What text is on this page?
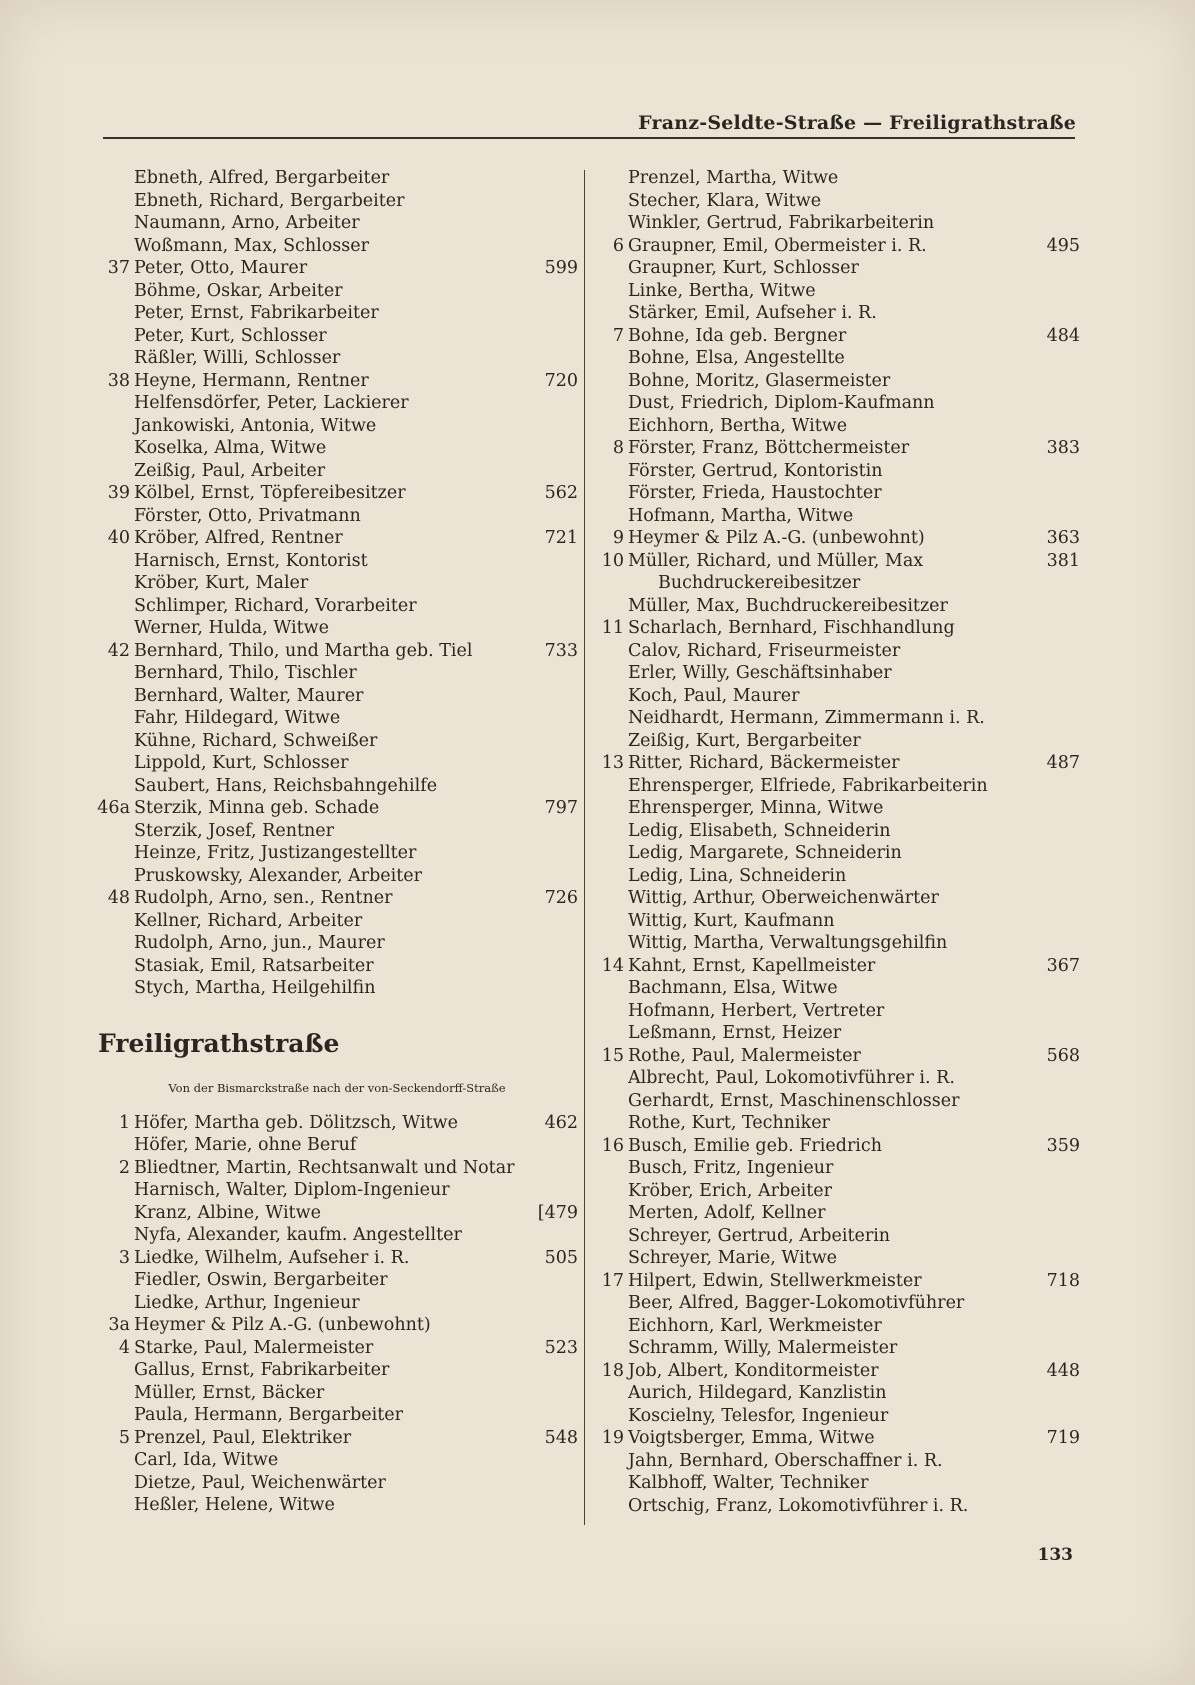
Franz-Seldte-Straße — Freiligrathstraße
Ebneth, Alfred, Bergarbeiter
Ebneth, Richard, Bergarbeiter
Naumann, Arno, Arbeiter
Woßmann, Max, Schlosser
37 Peter, Otto, Maurer	599
Böhme, Oskar, Arbeiter
Peter, Ernst, Fabrikarbeiter
Peter, Kurt, Schlosser
Räßler, Willi, Schlosser
38 Heyne, Hermann, Rentner	720
Helfensdörfer, Peter, Lackierer
Jankowiski, Antonia, Witwe
Koselka, Alma, Witwe
Zeißig, Paul, Arbeiter
39 Kölbel, Ernst, Töpfereibesitzer	562
Förster, Otto, Privatmann
40 Kröber, Alfred, Rentner	721
Harnisch, Ernst, Kontorist
Kröber, Kurt, Maler
Schlimper, Richard, Vorarbeiter
Werner, Hulda, Witwe
42 Bernhard, Thilo, und Martha geb. Tiel	733
Bernhard, Thilo, Tischler
Bernhard, Walter, Maurer
Fahr, Hildegard, Witwe
Kühne, Richard, Schweißer
Lippold, Kurt, Schlosser
Saubert, Hans, Reichsbahngehilfe
46a Sterzik, Minna geb. Schade	797
Sterzik, Josef, Rentner
Heinze, Fritz, Justizangestellter
Pruskowsky, Alexander, Arbeiter
48 Rudolph, Arno, sen., Rentner	726
Kellner, Richard, Arbeiter
Rudolph, Arno, jun., Maurer
Stasiak, Emil, Ratsarbeiter
Stych, Martha, Heilgehilfin
Freiligrathstraße
Von der Bismarckstraße nach der von-Seckendorff-Straße
1 Höfer, Martha geb. Dölitzsch, Witwe	462
Höfer, Marie, ohne Beruf
2 Bliedtner, Martin, Rechtsanwalt und Notar
Harnisch, Walter, Diplom-Ingenieur
Kranz, Albine, Witwe	[479
Nyfa, Alexander, kaufm. Angestellter
3 Liedke, Wilhelm, Aufseher i. R.	505
Fiedler, Oswin, Bergarbeiter
Liedke, Arthur, Ingenieur
3a Heymer & Pilz A.-G. (unbewohnt)
4 Starke, Paul, Malermeister	523
Gallus, Ernst, Fabrikarbeiter
Müller, Ernst, Bäcker
Paula, Hermann, Bergarbeiter
5 Prenzel, Paul, Elektriker	548
Carl, Ida, Witwe
Dietze, Paul, Weichenwärter
Heßler, Helene, Witwe
Prenzel, Martha, Witwe
Stecher, Klara, Witwe
Winkler, Gertrud, Fabrikarbeiterin
6 Graupner, Emil, Obermeister i. R.	495
Graupner, Kurt, Schlosser
Linke, Bertha, Witwe
Stärker, Emil, Aufseher i. R.
7 Bohne, Ida geb. Bergner	484
Bohne, Elsa, Angestellte
Bohne, Moritz, Glasermeister
Dust, Friedrich, Diplom-Kaufmann
Eichhorn, Bertha, Witwe
8 Förster, Franz, Böttchermeister	383
Förster, Gertrud, Kontoristin
Förster, Frieda, Haustochter
Hofmann, Martha, Witwe
9 Heymer & Pilz A.-G. (unbewohnt)	363
10 Müller, Richard, und Müller, Max	381
Buchdruckereibesitzer
Müller, Max, Buchdruckereibesitzer
11 Scharlach, Bernhard, Fischhandlung
Calov, Richard, Friseurmeister
Erler, Willy, Geschäftsinhaber
Koch, Paul, Maurer
Neidhardt, Hermann, Zimmermann i. R.
Zeißig, Kurt, Bergarbeiter
13 Ritter, Richard, Bäckermeister	487
Ehrensperger, Elfriede, Fabrikarbeiterin
Ehrensperger, Minna, Witwe
Ledig, Elisabeth, Schneiderin
Ledig, Margarete, Schneiderin
Ledig, Lina, Schneiderin
Wittig, Arthur, Oberweichenwärter
Wittig, Kurt, Kaufmann
Wittig, Martha, Verwaltungsgehilfin
14 Kahnt, Ernst, Kapellmeister	367
Bachmann, Elsa, Witwe
Hofmann, Herbert, Vertreter
Leßmann, Ernst, Heizer
15 Rothe, Paul, Malermeister	568
Albrecht, Paul, Lokomotivführer i. R.
Gerhardt, Ernst, Maschinenschlosser
Rothe, Kurt, Techniker
16 Busch, Emilie geb. Friedrich	359
Busch, Fritz, Ingenieur
Kröber, Erich, Arbeiter
Merten, Adolf, Kellner
Schreyer, Gertrud, Arbeiterin
Schreyer, Marie, Witwe
17 Hilpert, Edwin, Stellwerkmeister	718
Beer, Alfred, Bagger-Lokomotivführer
Eichhorn, Karl, Werkmeister
Schramm, Willy, Malermeister
18 Job, Albert, Konditormeister	448
Aurich, Hildegard, Kanzlistin
Koscielny, Telesfor, Ingenieur
19 Voigtsberger, Emma, Witwe	719
Jahn, Bernhard, Oberschaffner i. R.
Kalbhoff, Walter, Techniker
Ortschig, Franz, Lokomotivführer i. R.
133
